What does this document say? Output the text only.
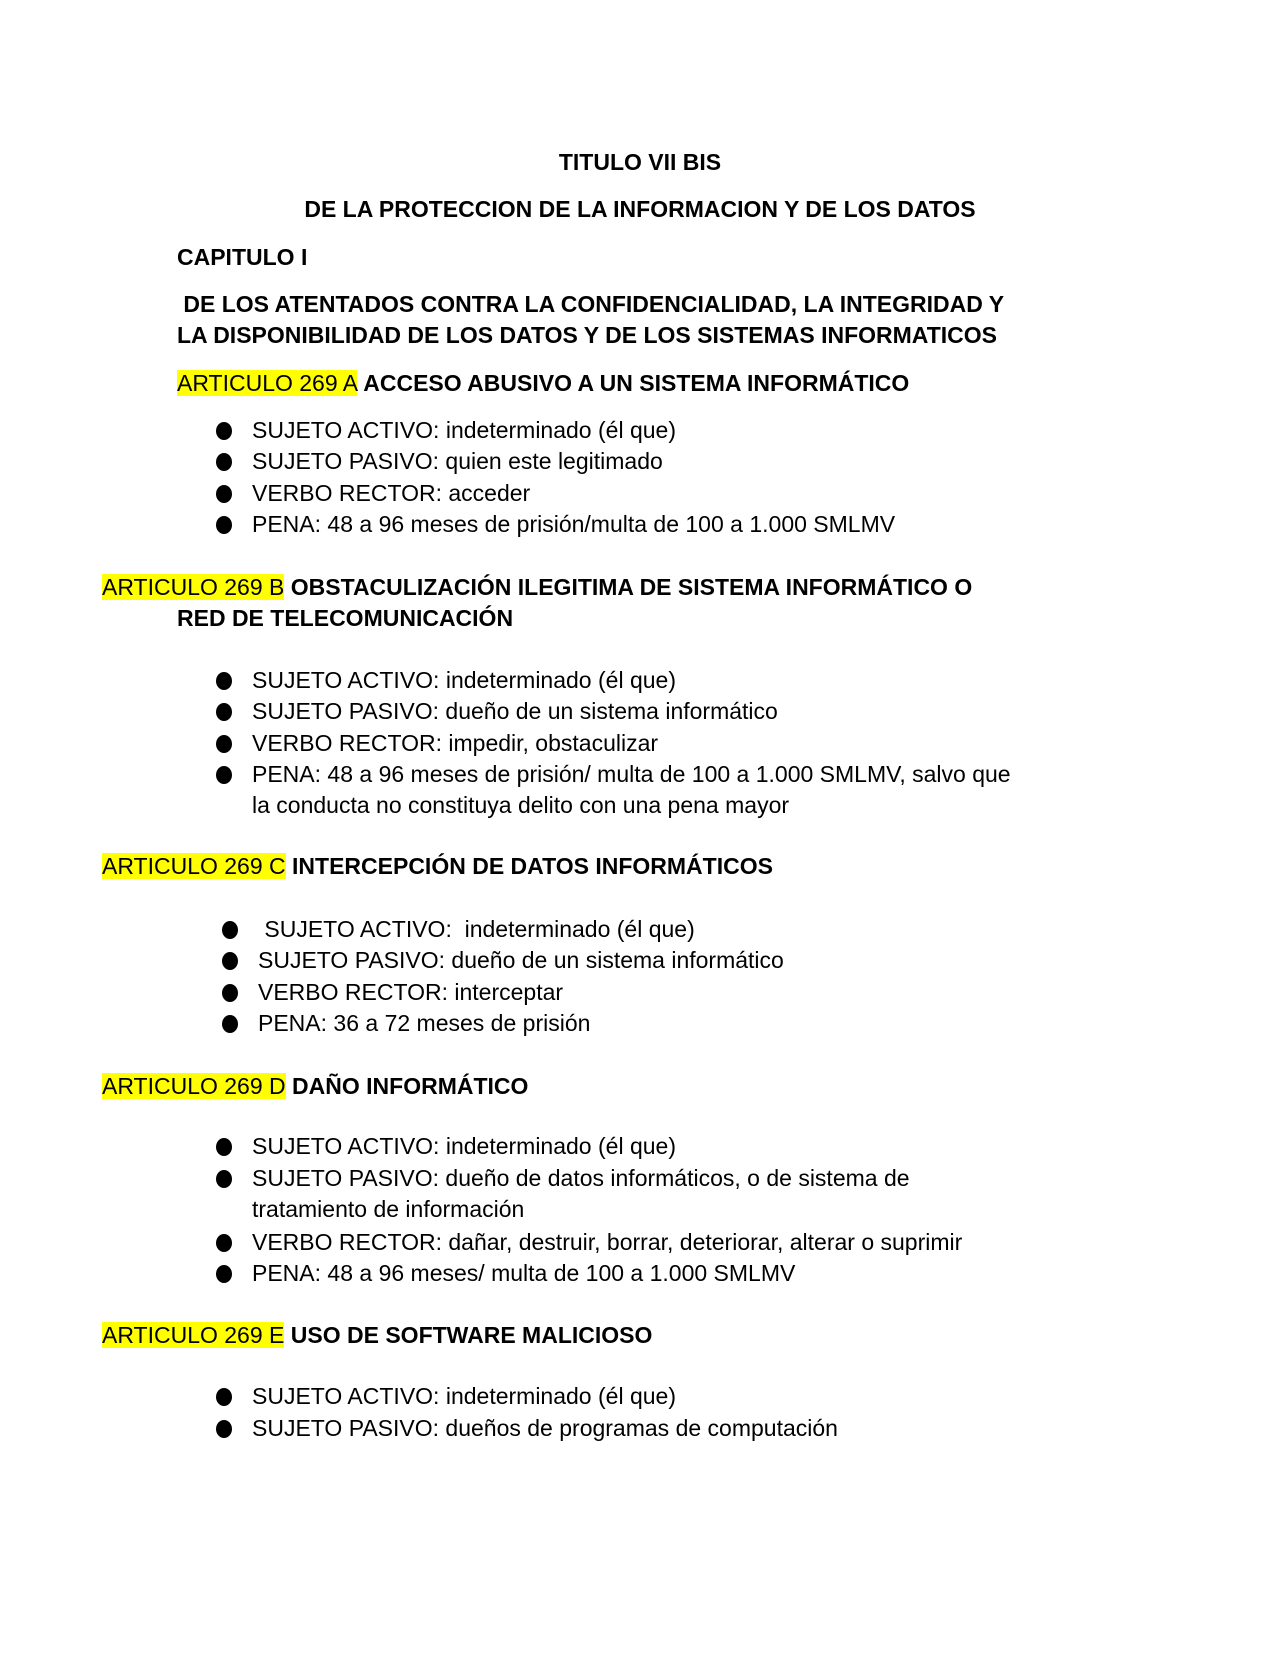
TITULO VII BIS
DE LA PROTECCION DE LA INFORMACION Y DE LOS DATOS
CAPITULO I
DE LOS ATENTADOS CONTRA LA CONFIDENCIALIDAD, LA INTEGRIDAD Y
LA DISPONIBILIDAD DE LOS DATOS Y DE LOS SISTEMAS INFORMATICOS
ARTICULO 269 A ACCESO ABUSIVO A UN SISTEMA INFORMÁTICO
SUJETO ACTIVO: indeterminado (él que)
SUJETO PASIVO: quien este legitimado
VERBO RECTOR: acceder
PENA: 48 a 96 meses de prisión/multa de 100 a 1.000 SMLMV
ARTICULO 269 B OBSTACULIZACIÓN ILEGITIMA DE SISTEMA INFORMÁTICO O
RED DE TELECOMUNICACIÓN
SUJETO ACTIVO: indeterminado (él que)
SUJETO PASIVO: dueño de un sistema informático
VERBO RECTOR: impedir, obstaculizar
PENA: 48 a 96 meses de prisión/ multa de 100 a 1.000 SMLMV, salvo que
la conducta no constituya delito con una pena mayor
ARTICULO 269 C INTERCEPCIÓN DE DATOS INFORMÁTICOS
SUJETO ACTIVO:  indeterminado (él que)
SUJETO PASIVO: dueño de un sistema informático
VERBO RECTOR: interceptar
PENA: 36 a 72 meses de prisión
ARTICULO 269 D DAÑO INFORMÁTICO
SUJETO ACTIVO: indeterminado (él que)
SUJETO PASIVO: dueño de datos informáticos, o de sistema de
tratamiento de información
VERBO RECTOR: dañar, destruir, borrar, deteriorar, alterar o suprimir
PENA: 48 a 96 meses/ multa de 100 a 1.000 SMLMV
ARTICULO 269 E USO DE SOFTWARE MALICIOSO
SUJETO ACTIVO: indeterminado (él que)
SUJETO PASIVO: dueños de programas de computación
